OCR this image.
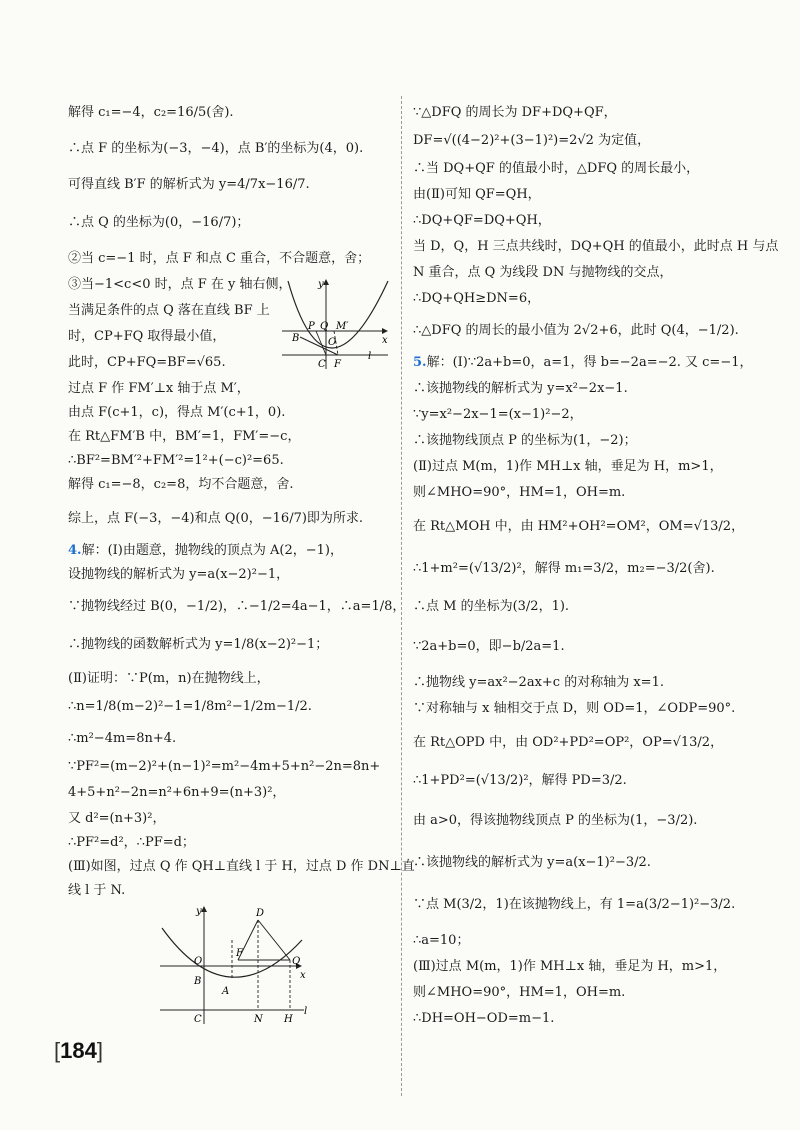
解得 c₁=−4，c₂=16/5(舍).
∴点 F 的坐标为(−3，−4)，点 B′的坐标为(4，0).
可得直线 B′F 的解析式为 y=4/7x−16/7.
∴点 Q 的坐标为(0，−16/7)；
②当 c=−1 时，点 F 和点 C 重合，不合题意，舍；
③当−1<c<0 时，点 F 在 y 轴右侧，
当满足条件的点 Q 落在直线 BF 上
时，CP+FQ 取得最小值，
此时，CP+FQ=BF=√65.
过点 F 作 FM′⊥x 轴于点 M′，
由点 F(c+1，c)，得点 M′(c+1，0).
在 Rt△FM′B 中，BM′=1，FM′=−c，
∴BF²=BM′²+FM′²=1²+(−c)²=65.
解得 c₁=−8，c₂=8，均不合题意，舍.
综上，点 F(−3，−4)和点 Q(0，−16/7)即为所求.
4.解：(Ⅰ)由题意，抛物线的顶点为 A(2，−1)，
设抛物线的解析式为 y=a(x−2)²−1，
∵抛物线经过 B(0，−1/2)，∴−1/2=4a−1，∴a=1/8，
∴抛物线的函数解析式为 y=1/8(x−2)²−1；
(Ⅱ)证明：∵P(m，n)在抛物线上，
∴n=1/8(m−2)²−1=1/8m²−1/2m−1/2.
∴m²−4m=8n+4.
∵PF²=(m−2)²+(n−1)²=m²−4m+5+n²−2n=8n+
4+5+n²−2n=n²+6n+9=(n+3)²，
又 d²=(n+3)²，
∴PF²=d²，∴PF=d；
(Ⅲ)如图，过点 Q 作 QH⊥直线 l 于 H，过点 D 作 DN⊥直
线 l 于 N.
y
x
P Q M′
B	O
C F
l
y
x
D
F
O	Q
B
A
C	N H
l
∵△DFQ 的周长为 DF+DQ+QF，
DF=√((4−2)²+(3−1)²)=2√2 为定值，
∴当 DQ+QF 的值最小时，△DFQ 的周长最小，
由(Ⅱ)可知 QF=QH，
∴DQ+QF=DQ+QH，
当 D，Q，H 三点共线时，DQ+QH 的值最小，此时点 H 与点
N 重合，点 Q 为线段 DN 与抛物线的交点，
∴DQ+QH≥DN=6，
∴△DFQ 的周长的最小值为 2√2+6，此时 Q(4，−1/2).
5.解：(Ⅰ)∵2a+b=0，a=1，得 b=−2a=−2. 又 c=−1，
∴该抛物线的解析式为 y=x²−2x−1.
∵y=x²−2x−1=(x−1)²−2，
∴该抛物线顶点 P 的坐标为(1，−2)；
(Ⅱ)过点 M(m，1)作 MH⊥x 轴，垂足为 H，m>1，
则∠MHO=90°，HM=1，OH=m.
在 Rt△MOH 中，由 HM²+OH²=OM²，OM=√13/2，
∴1+m²=(√13/2)²，解得 m₁=3/2，m₂=−3/2(舍).
∴点 M 的坐标为(3/2，1).
∵2a+b=0，即−b/2a=1.
∴抛物线 y=ax²−2ax+c 的对称轴为 x=1.
∵对称轴与 x 轴相交于点 D，则 OD=1，∠ODP=90°.
在 Rt△OPD 中，由 OD²+PD²=OP²，OP=√13/2，
∴1+PD²=(√13/2)²，解得 PD=3/2.
由 a>0，得该抛物线顶点 P 的坐标为(1，−3/2).
∴该抛物线的解析式为 y=a(x−1)²−3/2.
∵点 M(3/2，1)在该抛物线上，有 1=a(3/2−1)²−3/2.
∴a=10；
(Ⅲ)过点 M(m，1)作 MH⊥x 轴，垂足为 H，m>1，
则∠MHO=90°，HM=1，OH=m.
∴DH=OH−OD=m−1.
[184]
